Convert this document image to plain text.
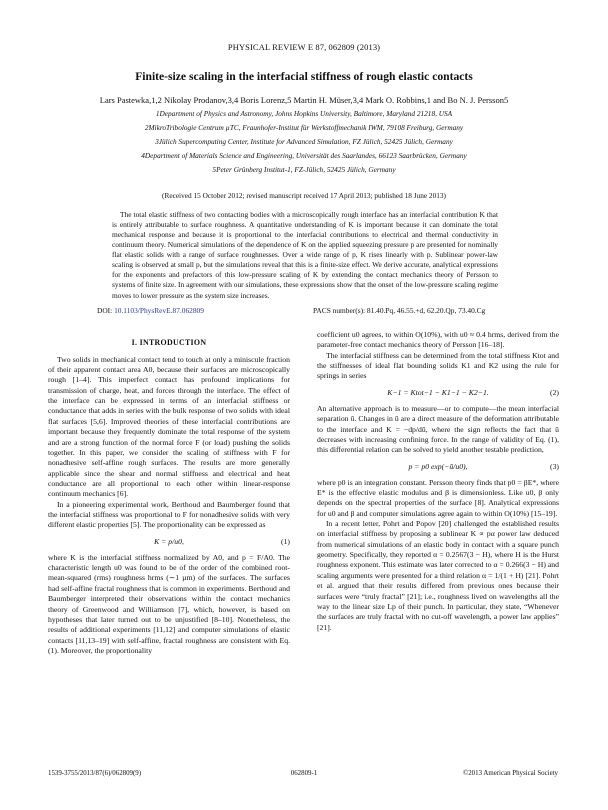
PHYSICAL REVIEW E 87, 062809 (2013)
Finite-size scaling in the interfacial stiffness of rough elastic contacts
Lars Pastewka,1,2 Nikolay Prodanov,3,4 Boris Lorenz,5 Martin H. Müser,3,4 Mark O. Robbins,1 and Bo N. J. Persson5
1Department of Physics and Astronomy, Johns Hopkins University, Baltimore, Maryland 21218, USA
2MikroTribologie Centrum µTC, Fraunhofer-Institut für Werkstoffmechanik IWM, 79108 Freiburg, Germany
3Jülich Supercomputing Center, Institute for Advanced Simulation, FZ Jülich, 52425 Jülich, Germany
4Department of Materials Science and Engineering, Universität des Saarlandes, 66123 Saarbrücken, Germany
5Peter Grünberg Institut-1, FZ-Jülich, 52425 Jülich, Germany
(Received 15 October 2012; revised manuscript received 17 April 2013; published 18 June 2013)

The total elastic stiffness of two contacting bodies with a microscopically rough interface has an interfacial contribution K that is entirely attributable to surface roughness. A quantitative understanding of K is important because it can dominate the total mechanical response and because it is proportional to the interfacial contributions to electrical and thermal conductivity in continuum theory. Numerical simulations of the dependence of K on the applied squeezing pressure p are presented for nominally flat elastic solids with a range of surface roughnesses. Over a wide range of p, K rises linearly with p. Sublinear power-law scaling is observed at small p, but the simulations reveal that this is a finite-size effect. We derive accurate, analytical expressions for the exponents and prefactors of this low-pressure scaling of K by extending the contact mechanics theory of Persson to systems of finite size. In agreement with our simulations, these expressions show that the onset of the low-pressure scaling regime moves to lower pressure as the system size increases.

DOI: 10.1103/PhysRevE.87.062809	PACS number(s): 81.40.Pq, 46.55.+d, 62.20.Qp, 73.40.Cg
I. INTRODUCTION

Two solids in mechanical contact tend to touch at only a miniscule fraction of their apparent contact area A0, because their surfaces are microscopically rough [1–4]. This imperfect contact has profound implications for transmission of charge, heat, and forces through the interface. The effect of the interface can be expressed in terms of an interfacial stiffness or conductance that adds in series with the bulk response of two solids with ideal flat surfaces [5,6]. Improved theories of these interfacial contributions are important because they frequently dominate the total response of the system and are a strong function of the normal force F (or load) pushing the solids together. In this paper, we consider the scaling of stiffness with F for nonadhesive self-affine rough surfaces. The results are more generally applicable since the shear and normal stiffness and electrical and heat conductance are all proportional to each other within linear-response continuum mechanics [6].

In a pioneering experimental work, Berthoud and Baumberger found that the interfacial stiffness was proportional to F for nonadhesive solids with very different elastic properties [5]. The proportionality can be expressed as

K = p/u0,	(1)

where K is the interfacial stiffness normalized by A0, and p = F/A0. The characteristic length u0 was found to be of the order of the combined root-mean-squared (rms) roughness hrms (∼1 µm) of the surfaces. The surfaces had self-affine fractal roughness that is common in experiments. Berthoud and Baumberger interpreted their observations within the contact mechanics theory of Greenwood and Williamson [7], which, however, is based on hypotheses that later turned out to be unjustified [8–10]. Nonetheless, the results of additional experiments [11,12] and computer simulations of elastic contacts [11,13–19] with self-affine, fractal roughness are consistent with Eq. (1). Moreover, the proportionality

coefficient u0 agrees, to within O(10%), with u0 ≈ 0.4 hrms, derived from the parameter-free contact mechanics theory of Persson [16–18].

The interfacial stiffness can be determined from the total stiffness Ktot and the stiffnesses of ideal flat bounding solids K1 and K2 using the rule for springs in series

K−1 = Ktot−1 − K1−1 − K2−1.	(2)

An alternative approach is to measure—or to compute—the mean interfacial separation ū. Changes in ū are a direct measure of the deformation attributable to the interface and K = −dp/dū, where the sign reflects the fact that ū decreases with increasing confining force. In the range of validity of Eq. (1), this differential relation can be solved to yield another testable prediction,

p = p0 exp(−ū/u0),	(3)

where p0 is an integration constant. Persson theory finds that p0 = βE*, where E* is the effective elastic modulus and β is dimensionless. Like u0, β only depends on the spectral properties of the surface [8]. Analytical expressions for u0 and β and computer simulations agree again to within O(10%) [15–19].

In a recent letter, Pohrt and Popov [20] challenged the established results on interfacial stiffness by proposing a sublinear K ∝ pα power law deduced from numerical simulations of an elastic body in contact with a square punch geometry. Specifically, they reported α = 0.2567(3 − H), where H is the Hurst roughness exponent. This estimate was later corrected to α = 0.266(3 − H) and scaling arguments were presented for a third relation α = 1/(1 + H) [21]. Pohrt et al. argued that their results differed from previous ones because their surfaces were “truly fractal” [21]; i.e., roughness lived on wavelengths all the way to the linear size Lp of their punch. In particular, they state, “Whenever the surfaces are truly fractal with no cut-off wavelength, a power law applies” [21].

1539-3755/2013/87(6)/062809(9)	062809-1	©2013 American Physical Society
